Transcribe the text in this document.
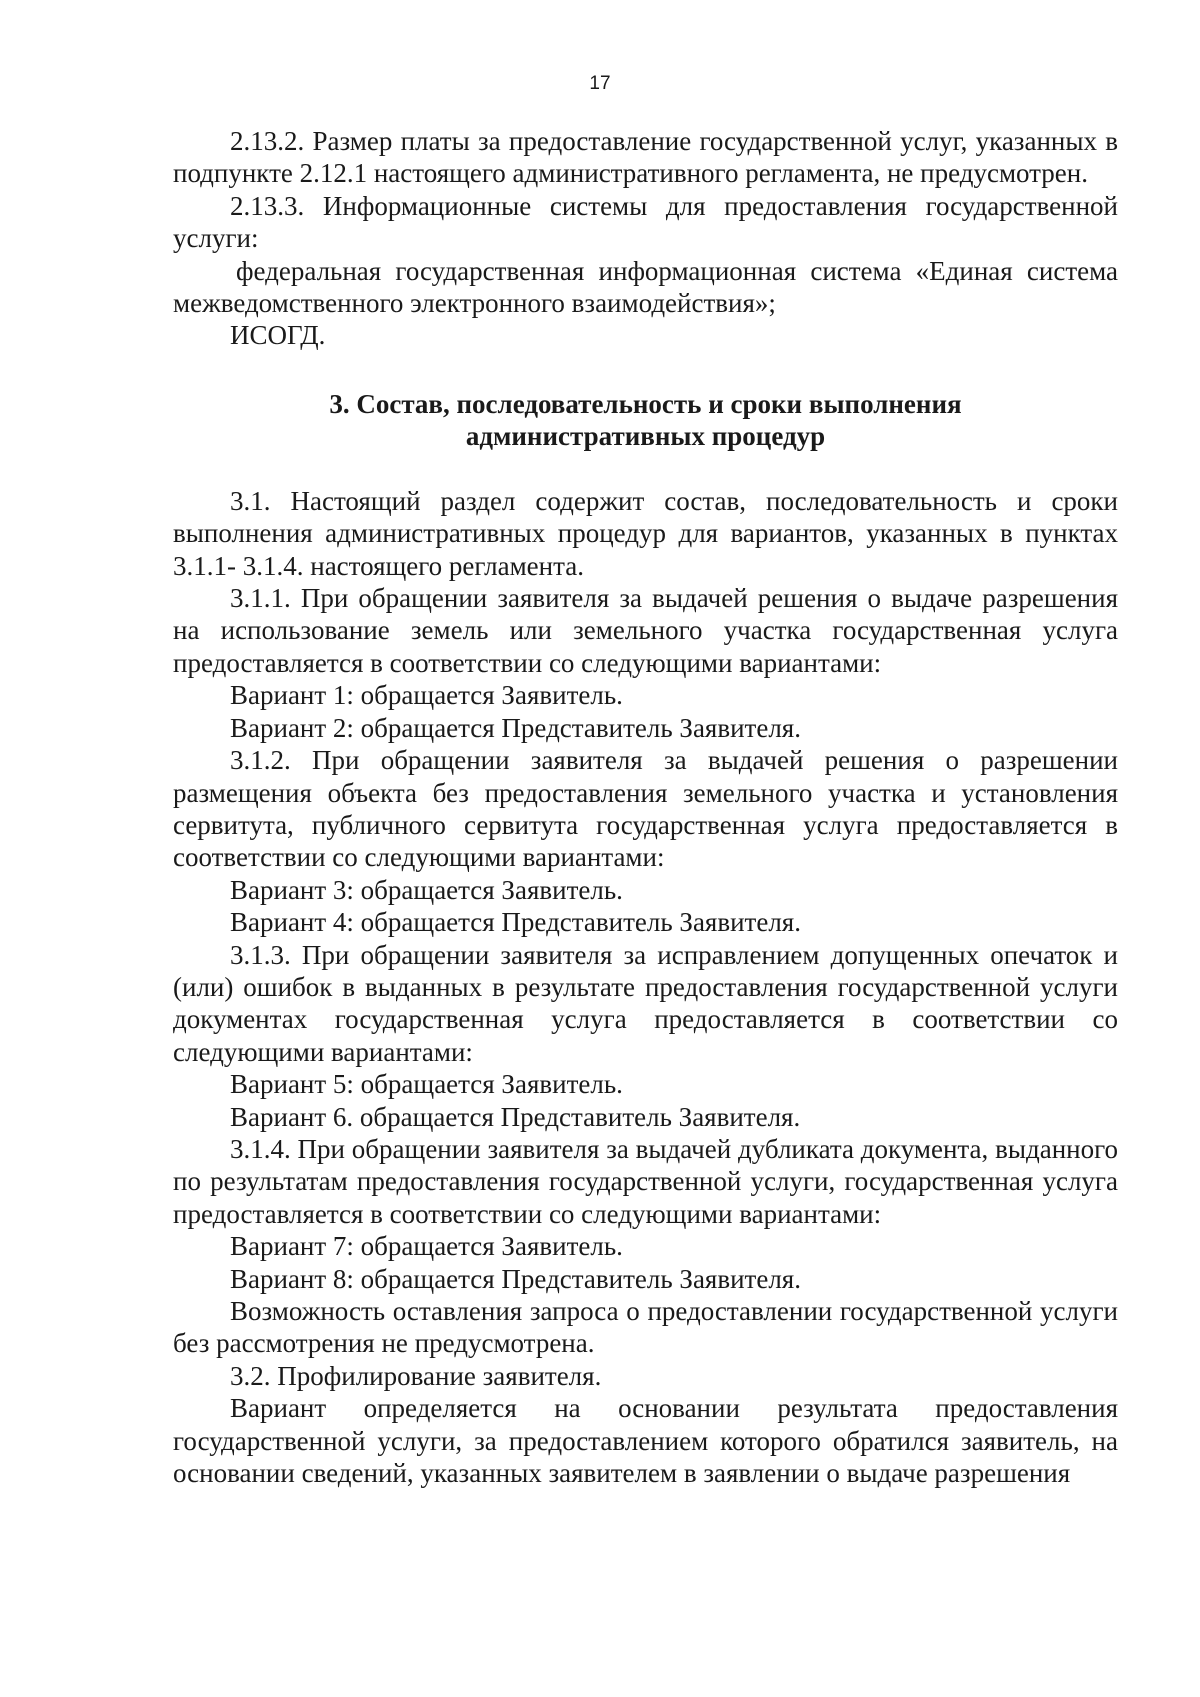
17

2.13.2. Размер платы за предоставление государственной услуг, указанных в подпункте 2.12.1 настоящего административного регламента, не предусмотрен.

2.13.3. Информационные системы для предоставления государственной услуги:

федеральная государственная информационная система «Единая система межведомственного электронного взаимодействия»;

ИСОГД.

3. Состав, последовательность и сроки выполнения
административных процедур

3.1. Настоящий раздел содержит состав, последовательность и сроки выполнения административных процедур для вариантов, указанных в пунктах 3.1.1- 3.1.4. настоящего регламента.

3.1.1. При обращении заявителя за выдачей решения о выдаче разрешения на использование земель или земельного участка государственная услуга предоставляется в соответствии со следующими вариантами:

Вариант 1: обращается Заявитель.

Вариант 2: обращается Представитель Заявителя.

3.1.2. При обращении заявителя за выдачей решения о разрешении размещения объекта без предоставления земельного участка и установления сервитута, публичного сервитута государственная услуга предоставляется в соответствии со следующими вариантами:

Вариант 3: обращается Заявитель.

Вариант 4: обращается Представитель Заявителя.

3.1.3. При обращении заявителя за исправлением допущенных опечаток и (или) ошибок в выданных в результате предоставления государственной услуги документах государственная услуга предоставляется в соответствии со следующими вариантами:

Вариант 5: обращается Заявитель.

Вариант 6. обращается Представитель Заявителя.

3.1.4. При обращении заявителя за выдачей дубликата документа, выданного по результатам предоставления государственной услуги, государственная услуга предоставляется в соответствии со следующими вариантами:

Вариант 7: обращается Заявитель.

Вариант 8: обращается Представитель Заявителя.

Возможность оставления запроса о предоставлении государственной услуги без рассмотрения не предусмотрена.

3.2. Профилирование заявителя.

Вариант определяется на основании результата предоставления государственной услуги, за предоставлением которого обратился заявитель, на основании сведений, указанных заявителем в заявлении о выдаче разрешения
